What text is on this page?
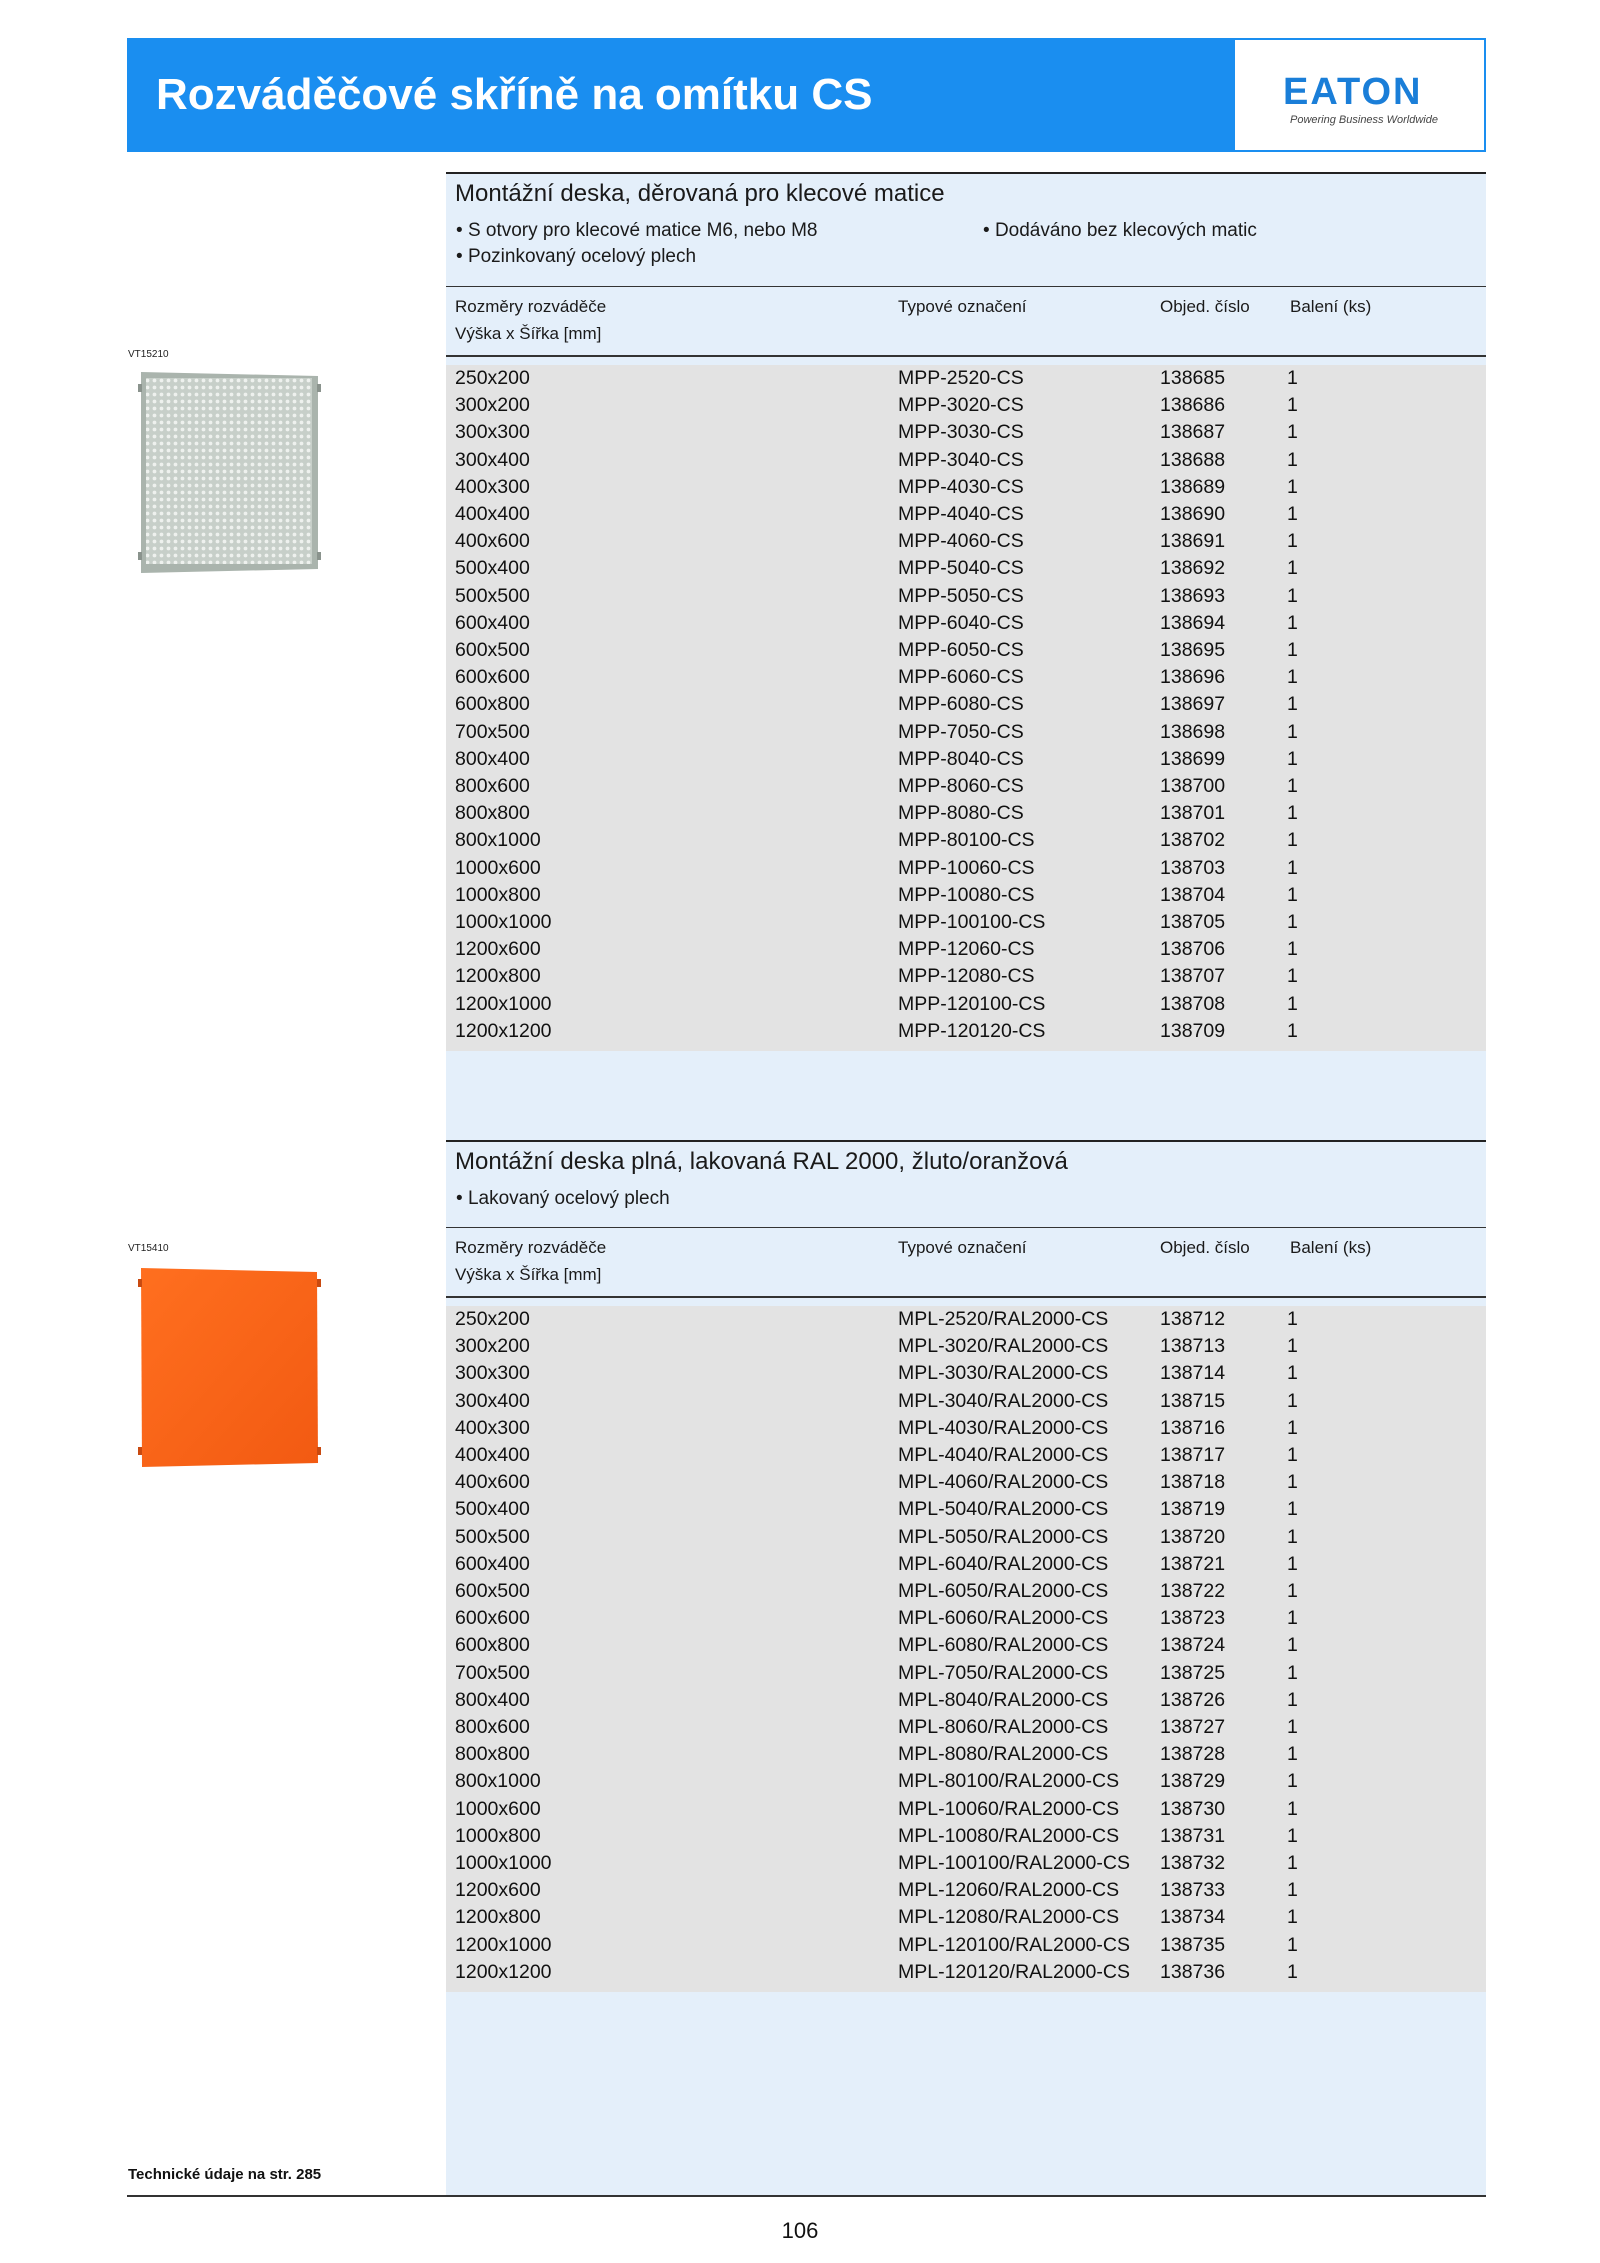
Rozváděčové skříně na omítku CS	EATON
Powering Business Worldwide
VT15210
VT15410
Montážní deska, děrovaná pro klecové matice
• S otvory pro klecové matice M6, nebo M8	• Dodáváno bez klecových matic
• Pozinkovaný ocelový plech
Rozměry rozváděče
Výška x Šířka [mm]
Typové označení	Objed. číslo Balení (ks)
250x200	MPP-2520-CS	138685	1
300x200	MPP-3020-CS	138686	1
300x300	MPP-3030-CS	138687	1
300x400	MPP-3040-CS	138688	1
400x300	MPP-4030-CS	138689	1
400x400	MPP-4040-CS	138690	1
400x600	MPP-4060-CS	138691	1
500x400	MPP-5040-CS	138692	1
500x500	MPP-5050-CS	138693	1
600x400	MPP-6040-CS	138694	1
600x500	MPP-6050-CS	138695	1
600x600	MPP-6060-CS	138696	1
600x800	MPP-6080-CS	138697	1
700x500	MPP-7050-CS	138698	1
800x400	MPP-8040-CS	138699	1
800x600	MPP-8060-CS	138700	1
800x800	MPP-8080-CS	138701	1
800x1000	MPP-80100-CS	138702	1
1000x600	MPP-10060-CS	138703	1
1000x800	MPP-10080-CS	138704	1
1000x1000	MPP-100100-CS	138705	1
1200x600	MPP-12060-CS	138706	1
1200x800	MPP-12080-CS	138707	1
1200x1000	MPP-120100-CS	138708	1
1200x1200	MPP-120120-CS	138709	1
Montážní deska plná, lakovaná RAL 2000, žluto/oranžová
• Lakovaný ocelový plech
Rozměry rozváděče
Výška x Šířka [mm]
Typové označení	Objed. číslo Balení (ks)
250x200	MPL-2520/RAL2000-CS	138712	1
300x200	MPL-3020/RAL2000-CS	138713	1
300x300	MPL-3030/RAL2000-CS	138714	1
300x400	MPL-3040/RAL2000-CS	138715	1
400x300	MPL-4030/RAL2000-CS	138716	1
400x400	MPL-4040/RAL2000-CS	138717	1
400x600	MPL-4060/RAL2000-CS	138718	1
500x400	MPL-5040/RAL2000-CS	138719	1
500x500	MPL-5050/RAL2000-CS	138720	1
600x400	MPL-6040/RAL2000-CS	138721	1
600x500	MPL-6050/RAL2000-CS	138722	1
600x600	MPL-6060/RAL2000-CS	138723	1
600x800	MPL-6080/RAL2000-CS	138724	1
700x500	MPL-7050/RAL2000-CS	138725	1
800x400	MPL-8040/RAL2000-CS	138726	1
800x600	MPL-8060/RAL2000-CS	138727	1
800x800	MPL-8080/RAL2000-CS	138728	1
800x1000	MPL-80100/RAL2000-CS 138729	1
1000x600	MPL-10060/RAL2000-CS 138730	1
1000x800	MPL-10080/RAL2000-CS 138731	1
1000x1000	MPL-100100/RAL2000-CS 138732	1
1200x600	MPL-12060/RAL2000-CS 138733	1
1200x800	MPL-12080/RAL2000-CS 138734	1
1200x1000	MPL-120100/RAL2000-CS 138735	1
1200x1200	MPL-120120/RAL2000-CS 138736	1
Technické údaje na str. 285
106
